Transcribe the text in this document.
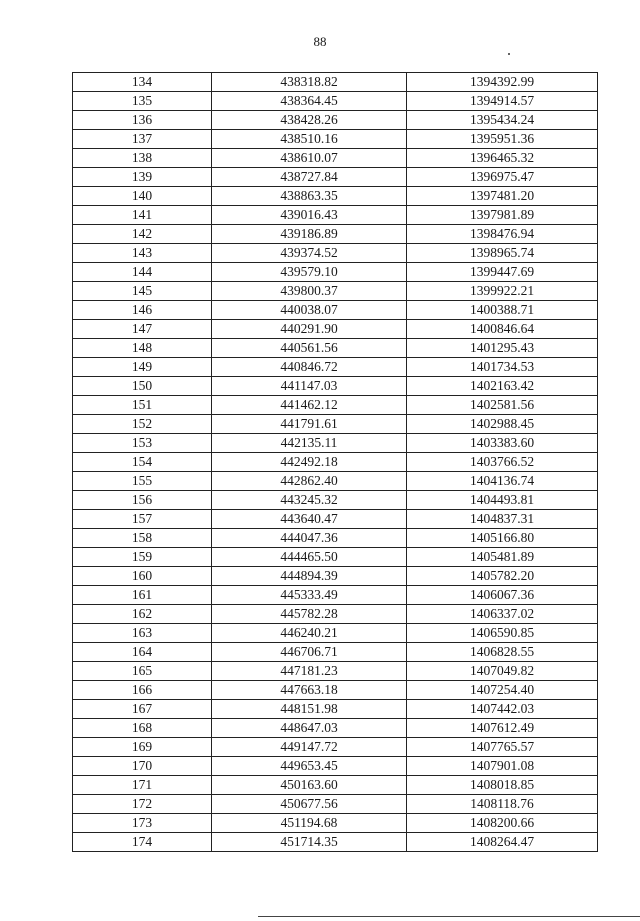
88
134	438318.82	1394392.99
135	438364.45	1394914.57
136	438428.26	1395434.24
137	438510.16	1395951.36
138	438610.07	1396465.32
139	438727.84	1396975.47
140	438863.35	1397481.20
141	439016.43	1397981.89
142	439186.89	1398476.94
143	439374.52	1398965.74
144	439579.10	1399447.69
145	439800.37	1399922.21
146	440038.07	1400388.71
147	440291.90	1400846.64
148	440561.56	1401295.43
149	440846.72	1401734.53
150	441147.03	1402163.42
151	441462.12	1402581.56
152	441791.61	1402988.45
153	442135.11	1403383.60
154	442492.18	1403766.52
155	442862.40	1404136.74
156	443245.32	1404493.81
157	443640.47	1404837.31
158	444047.36	1405166.80
159	444465.50	1405481.89
160	444894.39	1405782.20
161	445333.49	1406067.36
162	445782.28	1406337.02
163	446240.21	1406590.85
164	446706.71	1406828.55
165	447181.23	1407049.82
166	447663.18	1407254.40
167	448151.98	1407442.03
168	448647.03	1407612.49
169	449147.72	1407765.57
170	449653.45	1407901.08
171	450163.60	1408018.85
172	450677.56	1408118.76
173	451194.68	1408200.66
174	451714.35	1408264.47
